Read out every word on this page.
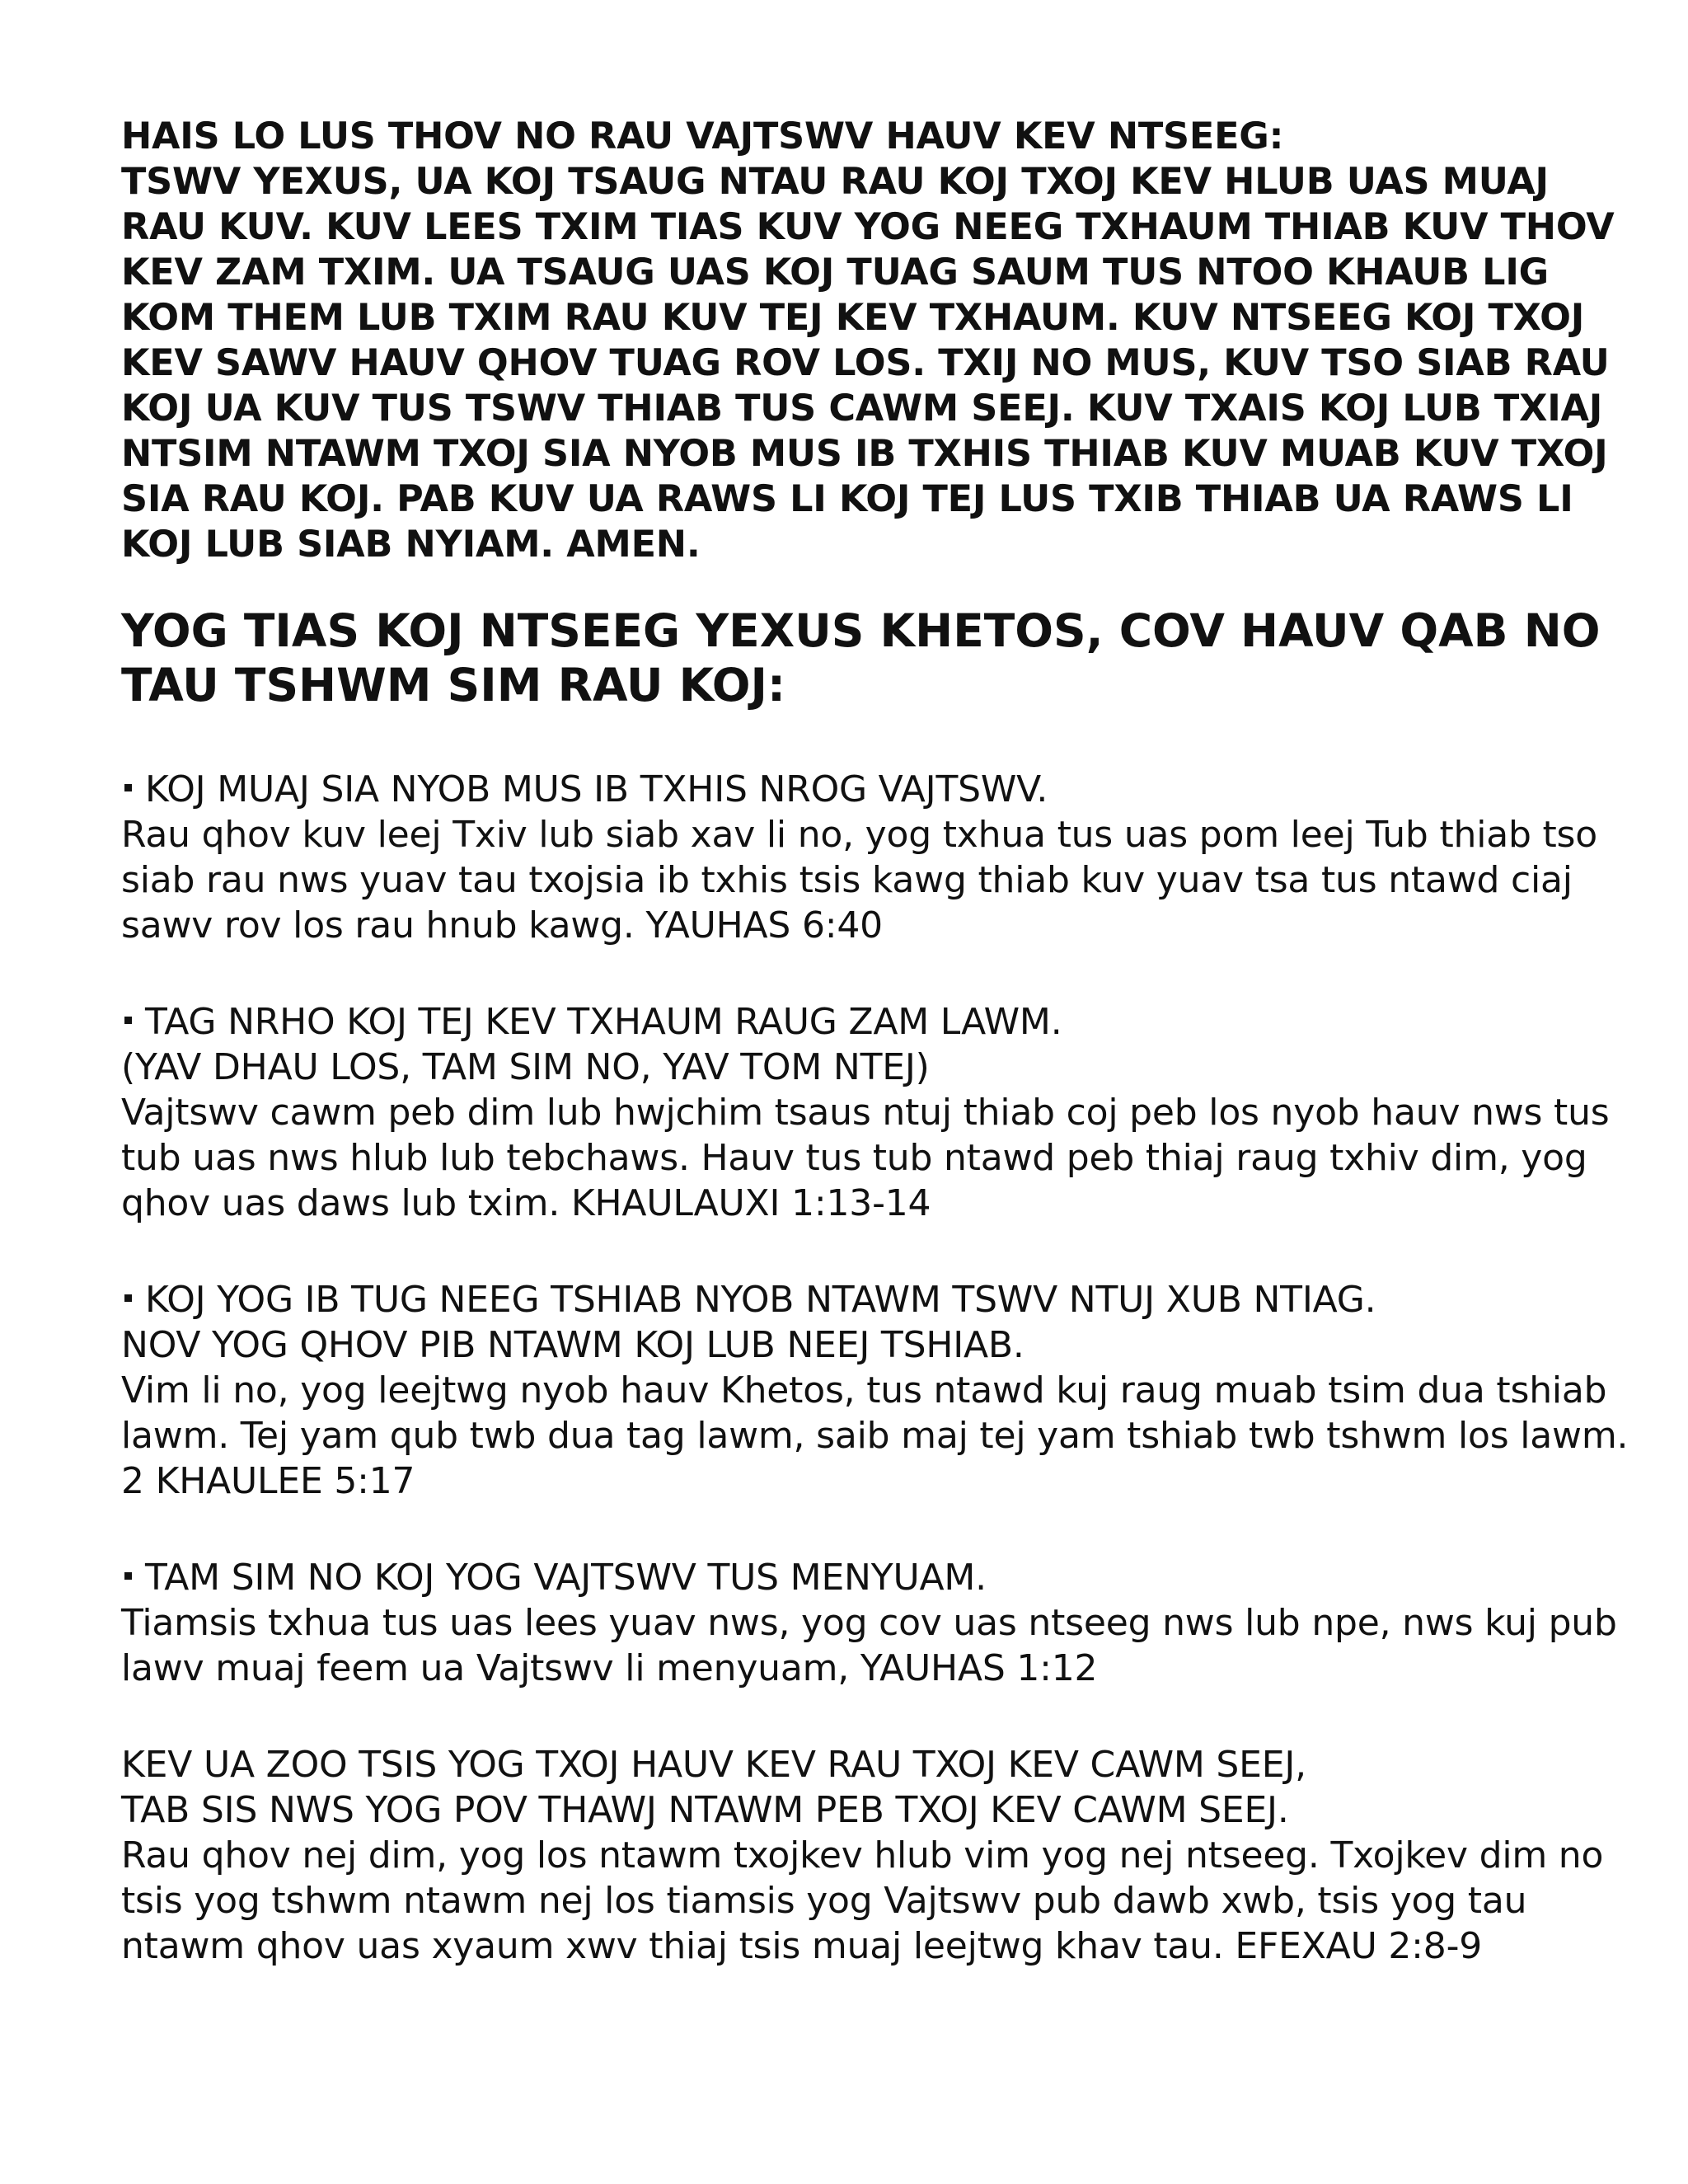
HAIS LO LUS THOV NO RAU VAJTSWV HAUV KEV NTSEEG:
TSWV YEXUS, UA KOJ TSAUG NTAU RAU KOJ TXOJ KEV HLUB UAS MUAJ RAU KUV. KUV LEES TXIM TIAS KUV YOG NEEG TXHAUM THIAB KUV THOV KEV ZAM TXIM. UA TSAUG UAS KOJ TUAG SAUM TUS NTOO KHAUB LIG KOM THEM LUB TXIM RAU KUV TEJ KEV TXHAUM. KUV NTSEEG KOJ TXOJ KEV SAWV HAUV QHOV TUAG ROV LOS. TXIJ NO MUS, KUV TSO SIAB RAU KOJ UA KUV TUS TSWV THIAB TUS CAWM SEEJ. KUV TXAIS KOJ LUB TXIAJ NTSIM NTAWM TXOJ SIA NYOB MUS IB TXHIS THIAB KUV MUAB KUV TXOJ SIA RAU KOJ. PAB KUV UA RAWS LI KOJ TEJ LUS TXIB THIAB UA RAWS LI KOJ LUB SIAB NYIAM. AMEN.
YOG TIAS KOJ NTSEEG YEXUS KHETOS, COV HAUV QAB NO TAU TSHWM SIM RAU KOJ:
KOJ MUAJ SIA NYOB MUS IB TXHIS NROG VAJTSWV.
Rau qhov kuv leej Txiv lub siab xav li no, yog txhua tus uas pom leej Tub thiab tso siab rau nws yuav tau txojsia ib txhis tsis kawg thiab kuv yuav tsa tus ntawd ciaj sawv rov los rau hnub kawg. YAUHAS 6:40
TAG NRHO KOJ TEJ KEV TXHAUM RAUG ZAM LAWM.
(YAV DHAU LOS, TAM SIM NO, YAV TOM NTEJ)
Vajtswv cawm peb dim lub hwjchim tsaus ntuj thiab coj peb los nyob hauv nws tus tub uas nws hlub lub tebchaws. Hauv tus tub ntawd peb thiaj raug txhiv dim, yog qhov uas daws lub txim. KHAULAUXI 1:13-14
KOJ YOG IB TUG NEEG TSHIAB NYOB NTAWM TSWV NTUJ XUB NTIAG.
NOV YOG QHOV PIB NTAWM KOJ LUB NEEJ TSHIAB.
Vim li no, yog leejtwg nyob hauv Khetos, tus ntawd kuj raug muab tsim dua tshiab lawm. Tej yam qub twb dua tag lawm, saib maj tej yam tshiab twb tshwm los lawm. 2 KHAULEE 5:17
TAM SIM NO KOJ YOG VAJTSWV TUS MENYUAM.
Tiamsis txhua tus uas lees yuav nws, yog cov uas ntseeg nws lub npe, nws kuj pub lawv muaj feem ua Vajtswv li menyuam, YAUHAS 1:12
KEV UA ZOO TSIS YOG TXOJ HAUV KEV RAU TXOJ KEV CAWM SEEJ,
TAB SIS NWS YOG POV THAWJ NTAWM PEB TXOJ KEV CAWM SEEJ.
Rau qhov nej dim, yog los ntawm txojkev hlub vim yog nej ntseeg. Txojkev dim no tsis yog tshwm ntawm nej los tiamsis yog Vajtswv pub dawb xwb, tsis yog tau ntawm qhov uas xyaum xwv thiaj tsis muaj leejtwg khav tau. EFEXAU 2:8-9
